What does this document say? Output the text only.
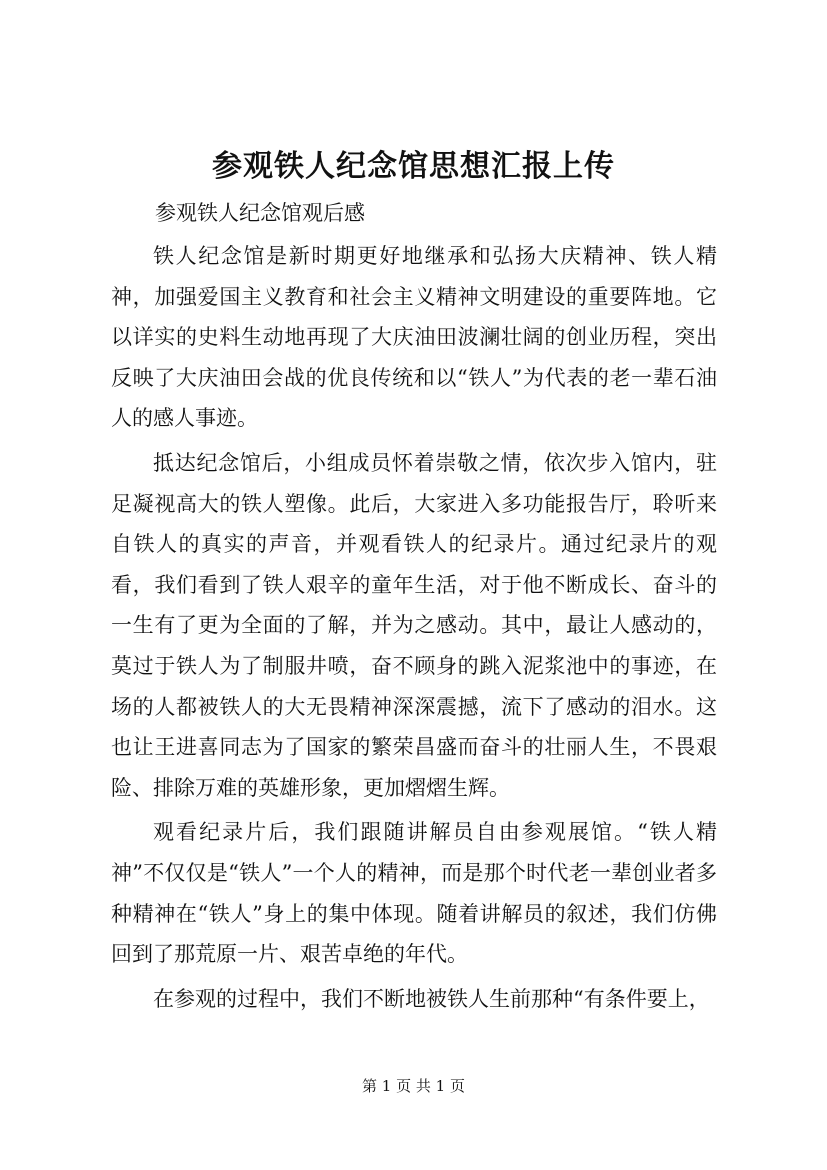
参观铁人纪念馆思想汇报上传
参观铁人纪念馆观后感

铁人纪念馆是新时期更好地继承和弘扬大庆精神、铁人精神，加强爱国主义教育和社会主义精神文明建设的重要阵地。它以详实的史料生动地再现了大庆油田波澜壮阔的创业历程，突出反映了大庆油田会战的优良传统和以“铁人”为代表的老一辈石油人的感人事迹。

抵达纪念馆后，小组成员怀着崇敬之情，依次步入馆内，驻足凝视高大的铁人塑像。此后，大家进入多功能报告厅，聆听来自铁人的真实的声音，并观看铁人的纪录片。通过纪录片的观看，我们看到了铁人艰辛的童年生活，对于他不断成长、奋斗的一生有了更为全面的了解，并为之感动。其中，最让人感动的，莫过于铁人为了制服井喷，奋不顾身的跳入泥浆池中的事迹，在场的人都被铁人的大无畏精神深深震撼，流下了感动的泪水。这也让王进喜同志为了国家的繁荣昌盛而奋斗的壮丽人生，不畏艰险、排除万难的英雄形象，更加熠熠生辉。

观看纪录片后，我们跟随讲解员自由参观展馆。“铁人精神”不仅仅是“铁人”一个人的精神，而是那个时代老一辈创业者多种精神在“铁人”身上的集中体现。随着讲解员的叙述，我们仿佛回到了那荒原一片、艰苦卓绝的年代。

在参观的过程中，我们不断地被铁人生前那种“有条件要上，

第 1 页 共 1 页
